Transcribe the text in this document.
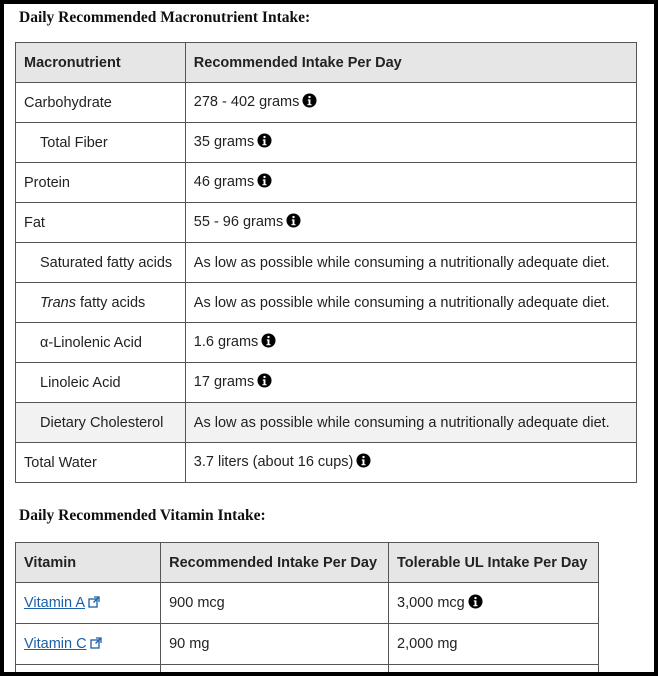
Daily Recommended Macronutrient Intake:
Macronutrient	Recommended Intake Per Day
Carbohydrate	278 - 402 grams
Total Fiber	35 grams
Protein	46 grams
Fat	55 - 96 grams
Saturated fatty acids	As low as possible while consuming a nutritionally adequate diet.
Trans fatty acids	As low as possible while consuming a nutritionally adequate diet.
α-Linolenic Acid	1.6 grams
Linoleic Acid	17 grams
Dietary Cholesterol	As low as possible while consuming a nutritionally adequate diet.
Total Water	3.7 liters (about 16 cups)
Daily Recommended Vitamin Intake:
Vitamin	Recommended Intake Per Day	Tolerable UL Intake Per Day
Vitamin A	900 mcg	3,000 mcg
Vitamin C	90 mg	2,000 mg
